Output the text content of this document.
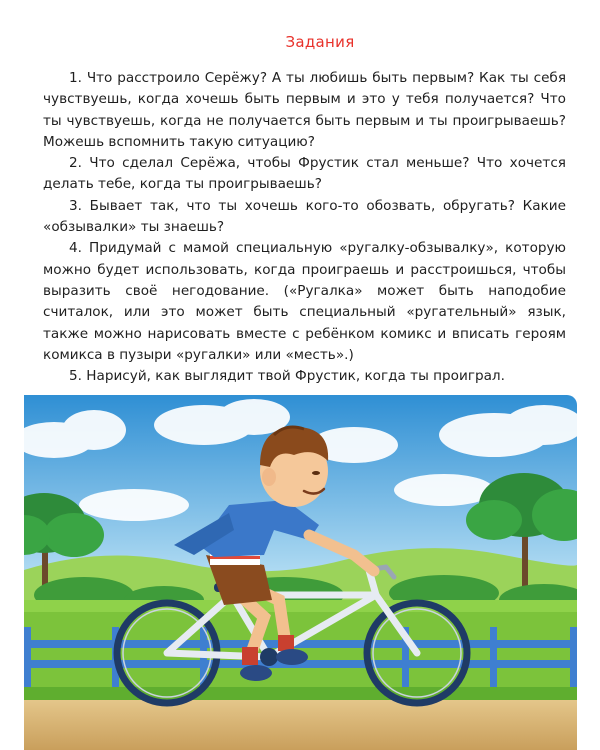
Задания

1. Что расстроило Серёжу? А ты любишь быть первым? Как ты себя чувствуешь, когда хочешь быть первым и это у тебя получается? Что ты чувствуешь, когда не получается быть первым и ты проигрываешь? Можешь вспомнить такую ситуацию?

2. Что сделал Серёжа, чтобы Фрустик стал меньше? Что хочется делать тебе, когда ты проигрываешь?

3. Бывает так, что ты хочешь кого-то обозвать, обругать? Какие «обзывалки» ты знаешь?

4. Придумай с мамой специальную «ругалку-обзывалку», которую можно будет использовать, когда проиграешь и расстроишься, чтобы выразить своё негодование. («Ругалка» может быть наподобие считалок, или это может быть специальный «ругательный» язык, также можно нарисовать вместе с ребёнком комикс и вписать героям комикса в пузыри «ругалки» или «месть».)

5. Нарисуй, как выглядит твой Фрустик, когда ты проиграл.
